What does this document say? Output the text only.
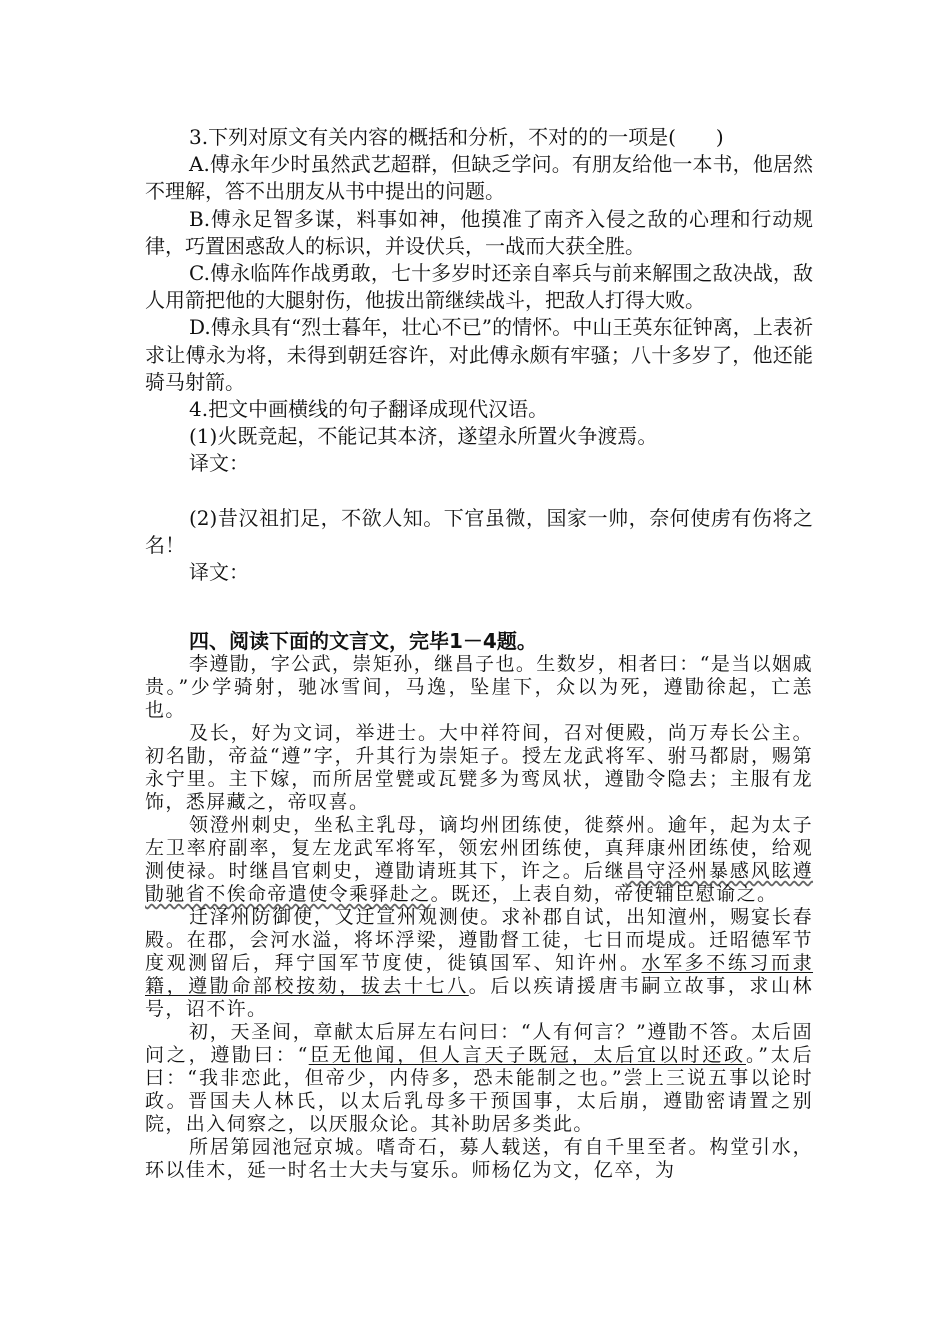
3.下列对原文有关内容的概括和分析，不对的的一项是(　　)

A.傅永年少时虽然武艺超群，但缺乏学问。有朋友给他一本书，他居然不理解，答不出朋友从书中提出的问题。

B.傅永足智多谋，料事如神，他摸准了南齐入侵之敌的心理和行动规律，巧置困惑敌人的标识，并设伏兵，一战而大获全胜。

C.傅永临阵作战勇敢，七十多岁时还亲自率兵与前来解围之敌决战，敌人用箭把他的大腿射伤，他拔出箭继续战斗，把敌人打得大败。

D.傅永具有“烈士暮年，壮心不已”的情怀。中山王英东征钟离，上表祈求让傅永为将，未得到朝廷容许，对此傅永颇有牢骚；八十多岁了，他还能骑马射箭。

4.把文中画横线的句子翻译成现代汉语。

(1)火既竞起，不能记其本济，遂望永所置火争渡焉。

译文：

(2)昔汉祖扪足，不欲人知。下官虽微，国家一帅，奈何使虏有伤将之名！

译文：

四、阅读下面的文言文，完毕1－4题。

李遵勖，字公武，崇矩孙，继昌子也。生数岁，相者曰：“是当以姻戚贵。”少学骑射，驰冰雪间，马逸，坠崖下，众以为死，遵勖徐起，亡恙也。

及长，好为文词，举进士。大中祥符间，召对便殿，尚万寿长公主。初名勖，帝益“遵”字，升其行为崇矩子。授左龙武将军、驸马都尉，赐第永宁里。主下嫁，而所居堂甓或瓦甓多为鸾凤状，遵勖令隐去；主服有龙饰，悉屏藏之，帝叹喜。

领澄州刺史，坐私主乳母，谪均州团练使，徙蔡州。逾年，起为太子左卫率府副率，复左龙武军将军，领宏州团练使，真拜康州团练使，给观测使禄。时继昌官刺史，遵勖请班其下，许之。后继昌守泾州暴感风眩遵勖驰省不俟命帝遣使令乘驿赴之。既还，上表自劾，帝使辅臣慰谕之。

迁泽州防御使，又迁宣州观测使。求补郡自试，出知澶州，赐宴长春殿。在郡，会河水溢，将坏浮梁，遵勖督工徒，七日而堤成。迁昭德军节度观测留后，拜宁国军节度使，徙镇国军、知许州。水军多不练习而隶籍，遵勖命部校按劾，拔去十七八。后以疾请援唐韦嗣立故事，求山林号，诏不许。

初，天圣间，章献太后屏左右问曰：“人有何言？”遵勖不答。太后固问之，遵勖曰：“臣无他闻，但人言天子既冠，太后宜以时还政。”太后曰：“我非恋此，但帝少，内侍多，恐未能制之也。”尝上三说五事以论时政。晋国夫人林氏，以太后乳母多干预国事，太后崩，遵勖密请置之别院，出入伺察之，以厌服众论。其补助居多类此。

所居第园池冠京城。嗜奇石，募人载送，有自千里至者。构堂引水，环以佳木，延一时名士大夫与宴乐。师杨亿为文，亿卒，为
